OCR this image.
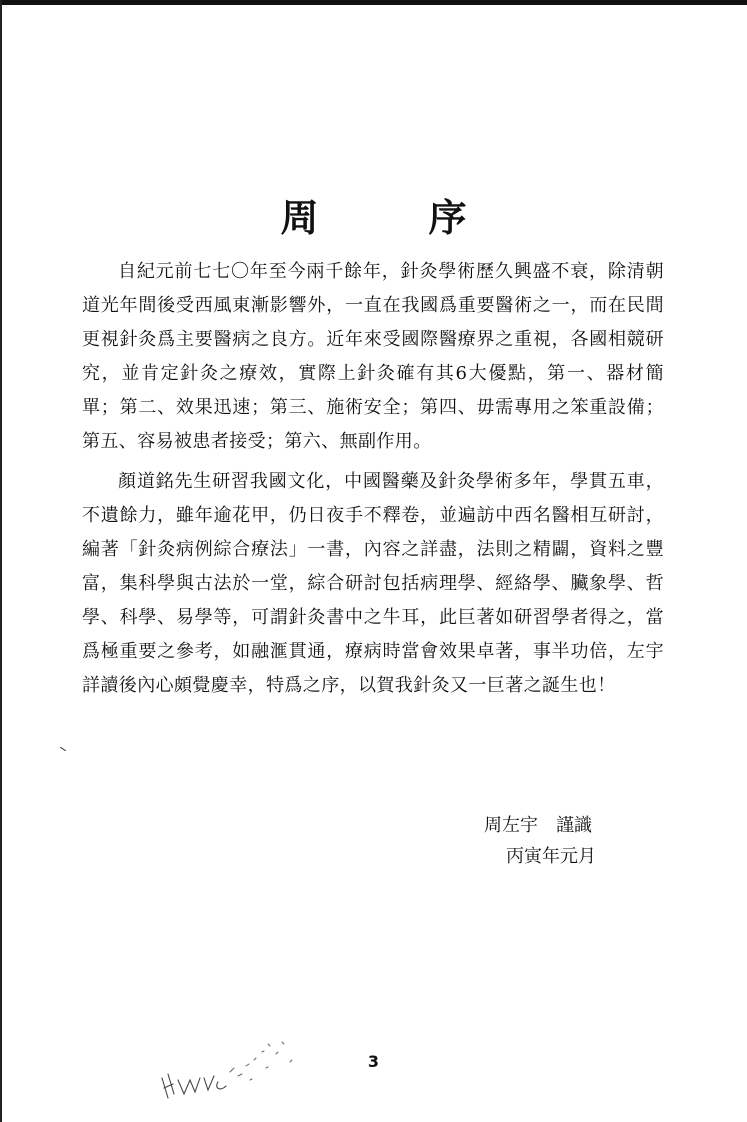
周　序

自紀元前七七〇年至今兩千餘年，針灸學術歷久興盛不衰，除清朝道光年間後受西風東漸影響外，一直在我國爲重要醫術之一，而在民間更視針灸爲主要醫病之良方。近年來受國際醫療界之重視，各國相競研究，並肯定針灸之療效，實際上針灸確有其6大優點，第一、器材簡單；第二、效果迅速；第三、施術安全；第四、毋需專用之笨重設備；第五、容易被患者接受；第六、無副作用。

顏道銘先生研習我國文化，中國醫藥及針灸學術多年，學貫五車，不遺餘力，雖年逾花甲，仍日夜手不釋卷，並遍訪中西名醫相互研討，編著「針灸病例綜合療法」一書，內容之詳盡，法則之精闢，資料之豐富，集科學與古法於一堂，綜合研討包括病理學、經絡學、臟象學、哲學、科學、易學等，可謂針灸書中之牛耳，此巨著如研習學者得之，當爲極重要之參考，如融滙貫通，療病時當會效果卓著，事半功倍，左宇詳讀後內心頗覺慶幸，特爲之序，以賀我針灸又一巨著之誕生也！

周左宇　謹識
丙寅年元月
3
